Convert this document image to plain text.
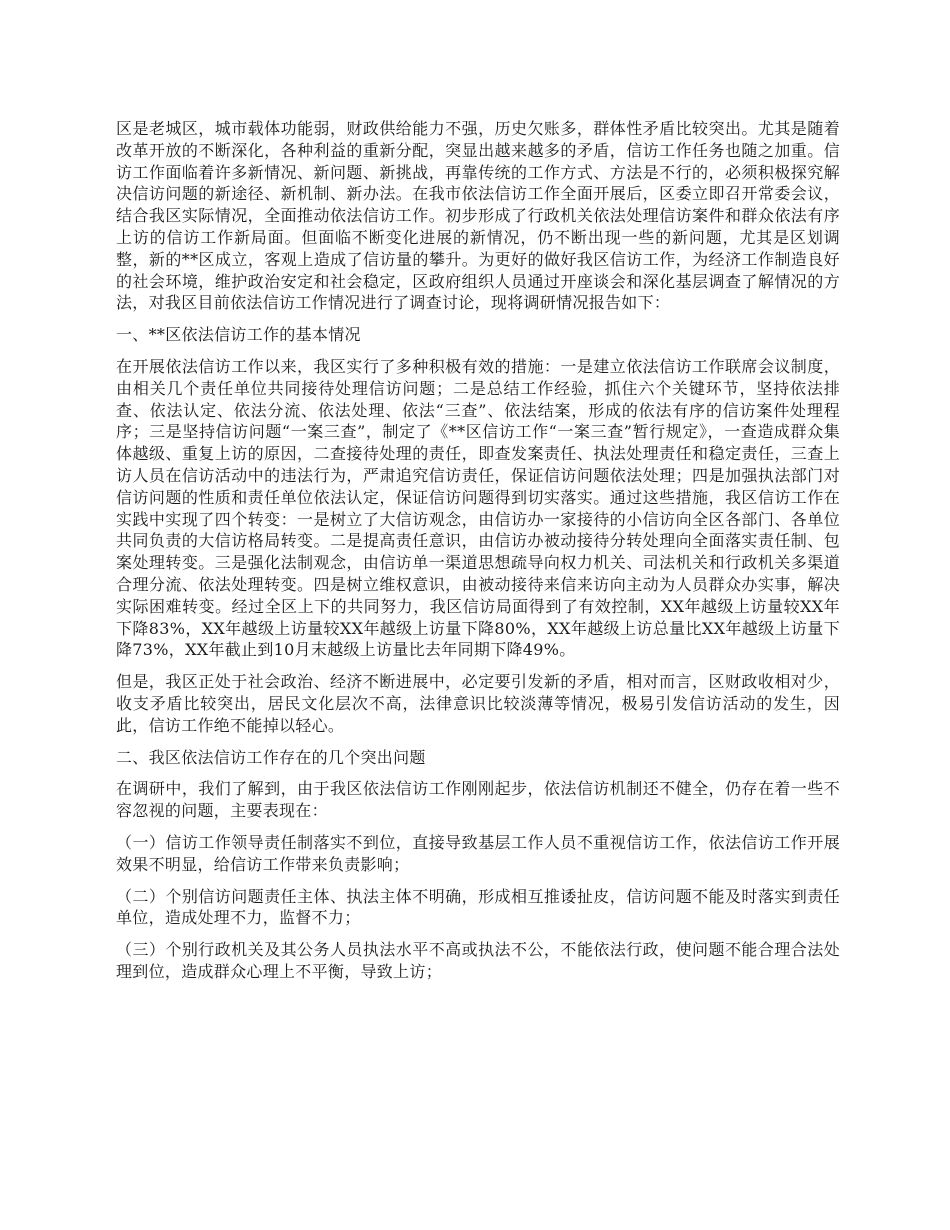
区是老城区，城市载体功能弱，财政供给能力不强，历史欠账多，群体性矛盾比较突出。尤其是随着改革开放的不断深化，各种利益的重新分配，突显出越来越多的矛盾，信访工作任务也随之加重。信访工作面临着许多新情况、新问题、新挑战，再靠传统的工作方式、方法是不行的，必须积极探究解决信访问题的新途径、新机制、新办法。在我市依法信访工作全面开展后，区委立即召开常委会议，结合我区实际情况，全面推动依法信访工作。初步形成了行政机关依法处理信访案件和群众依法有序上访的信访工作新局面。但面临不断变化进展的新情况，仍不断出现一些的新问题，尤其是区划调整，新的**区成立，客观上造成了信访量的攀升。为更好的做好我区信访工作，为经济工作制造良好的社会环境，维护政治安定和社会稳定，区政府组织人员通过开座谈会和深化基层调查了解情况的方法，对我区目前依法信访工作情况进行了调查讨论，现将调研情况报告如下：

一、**区依法信访工作的基本情况

在开展依法信访工作以来，我区实行了多种积极有效的措施：一是建立依法信访工作联席会议制度，由相关几个责任单位共同接待处理信访问题；二是总结工作经验，抓住六个关键环节，坚持依法排查、依法认定、依法分流、依法处理、依法“三查”、依法结案，形成的依法有序的信访案件处理程序；三是坚持信访问题“一案三查”，制定了《**区信访工作“一案三查”暂行规定》，一查造成群众集体越级、重复上访的原因，二查接待处理的责任，即查发案责任、执法处理责任和稳定责任，三查上访人员在信访活动中的违法行为，严肃追究信访责任，保证信访问题依法处理；四是加强执法部门对信访问题的性质和责任单位依法认定，保证信访问题得到切实落实。通过这些措施，我区信访工作在实践中实现了四个转变：一是树立了大信访观念，由信访办一家接待的小信访向全区各部门、各单位共同负责的大信访格局转变。二是提高责任意识，由信访办被动接待分转处理向全面落实责任制、包案处理转变。三是强化法制观念，由信访单一渠道思想疏导向权力机关、司法机关和行政机关多渠道合理分流、依法处理转变。四是树立维权意识，由被动接待来信来访向主动为人员群众办实事，解决实际困难转变。经过全区上下的共同努力，我区信访局面得到了有效控制，XX年越级上访量较XX年下降83%，XX年越级上访量较XX年越级上访量下降80%，XX年越级上访总量比XX年越级上访量下降73%，XX年截止到10月末越级上访量比去年同期下降49%。

但是，我区正处于社会政治、经济不断进展中，必定要引发新的矛盾，相对而言，区财政收相对少，收支矛盾比较突出，居民文化层次不高，法律意识比较淡薄等情况，极易引发信访活动的发生，因此，信访工作绝不能掉以轻心。

二、我区依法信访工作存在的几个突出问题

在调研中，我们了解到，由于我区依法信访工作刚刚起步，依法信访机制还不健全，仍存在着一些不容忽视的问题，主要表现在：

（一）信访工作领导责任制落实不到位，直接导致基层工作人员不重视信访工作，依法信访工作开展效果不明显，给信访工作带来负责影响；

（二）个别信访问题责任主体、执法主体不明确，形成相互推诿扯皮，信访问题不能及时落实到责任单位，造成处理不力，监督不力；

（三）个别行政机关及其公务人员执法水平不高或执法不公，不能依法行政，使问题不能合理合法处理到位，造成群众心理上不平衡，导致上访；
